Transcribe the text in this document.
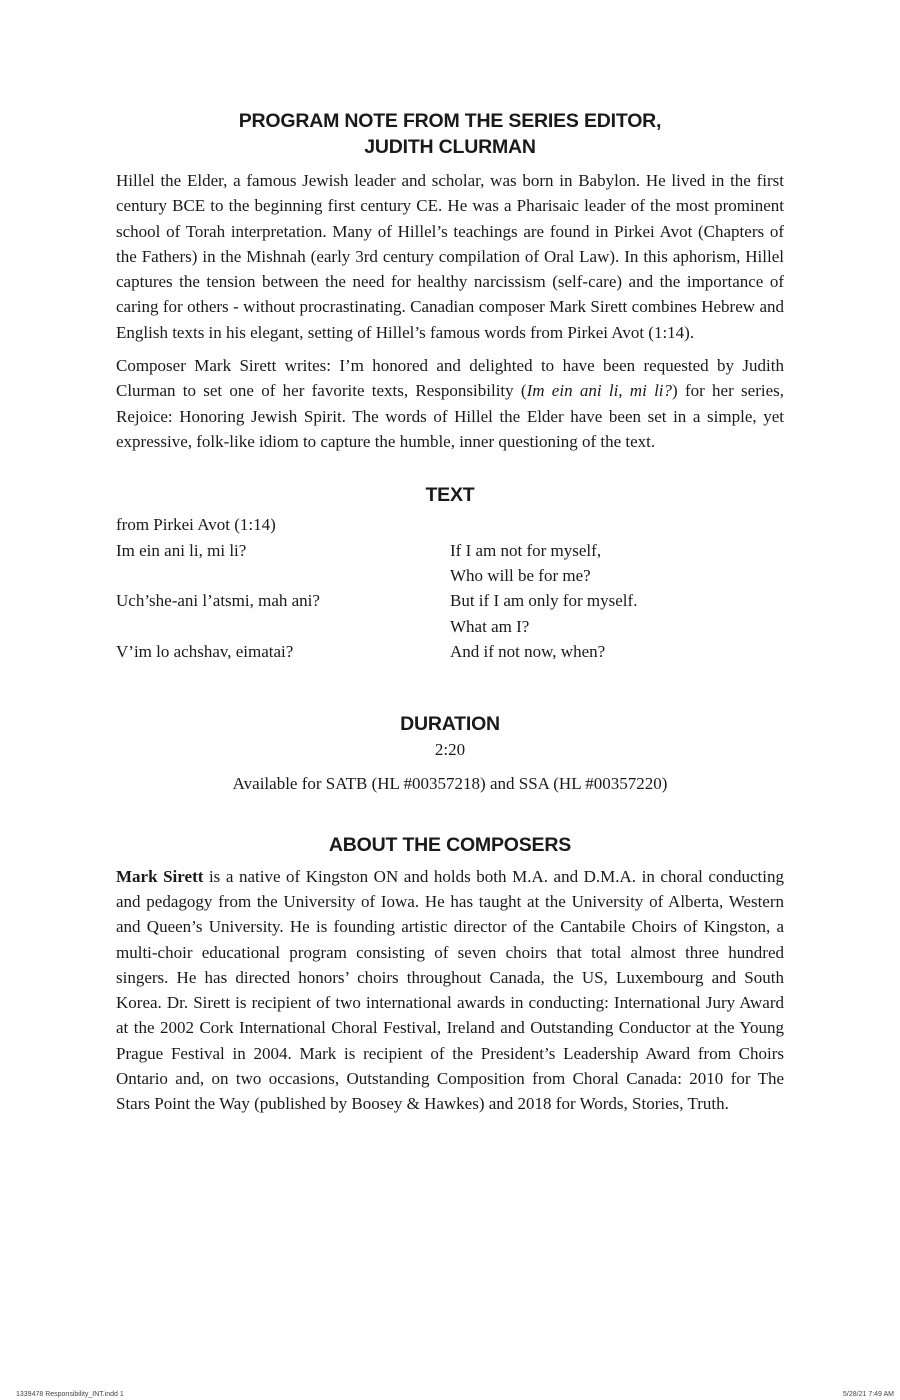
PROGRAM NOTE FROM THE SERIES EDITOR,
JUDITH CLURMAN

Hillel the Elder, a famous Jewish leader and scholar, was born in Babylon. He lived in the first century BCE to the beginning first century CE. He was a Pharisaic leader of the most prominent school of Torah interpretation. Many of Hillel’s teachings are found in Pirkei Avot (Chapters of the Fathers) in the Mishnah (early 3rd century compilation of Oral Law). In this aphorism, Hillel captures the tension between the need for healthy narcissism (self-care) and the importance of caring for others - without procrastinating. Canadian composer Mark Sirett combines Hebrew and English texts in his elegant, setting of Hillel’s famous words from Pirkei Avot (1:14).

Composer Mark Sirett writes: I’m honored and delighted to have been requested by Judith Clurman to set one of her favorite texts, Responsibility (Im ein ani li, mi li?) for her series, Rejoice: Honoring Jewish Spirit. The words of Hillel the Elder have been set in a simple, yet expressive, folk-like idiom to capture the humble, inner questioning of the text.

TEXT
from Pirkei Avot (1:14)
Im ein ani li, mi li?	If I am not for myself,
Who will be for me?
Uch’she-ani l’atsmi, mah ani?	But if I am only for myself.
What am I?
V’im lo achshav, eimatai?	And if not now, when?
DURATION
2:20
Available for SATB (HL #00357218) and SSA (HL #00357220)
ABOUT THE COMPOSERS

Mark Sirett is a native of Kingston ON and holds both M.A. and D.M.A. in choral conducting and pedagogy from the University of Iowa. He has taught at the University of Alberta, Western and Queen’s University. He is founding artistic director of the Cantabile Choirs of Kingston, a multi-choir educational program consisting of seven choirs that total almost three hundred singers. He has directed honors’ choirs throughout Canada, the US, Luxembourg and South Korea. Dr. Sirett is recipient of two international awards in conducting: International Jury Award at the 2002 Cork International Choral Festival, Ireland and Outstanding Conductor at the Young Prague Festival in 2004. Mark is recipient of the President’s Leadership Award from Choirs Ontario and, on two occasions, Outstanding Composition from Choral Canada: 2010 for The Stars Point the Way (published by Boosey & Hawkes) and 2018 for Words, Stories, Truth.

1339478 Responsibility_INT.indd 1	5/28/21 7:49 AM
